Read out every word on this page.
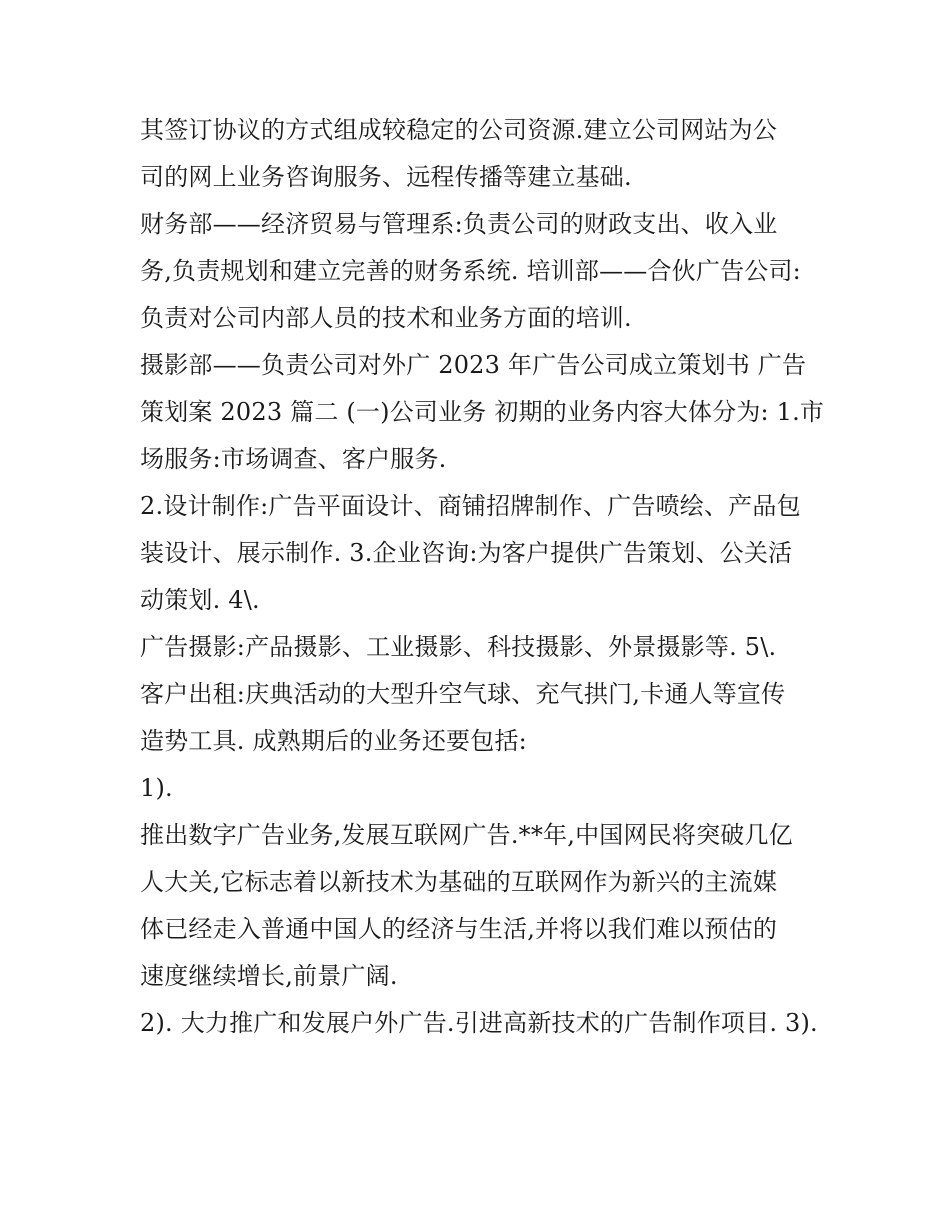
其签订协议的方式组成较稳定的公司资源.建立公司网站为公
司的网上业务咨询服务、远程传播等建立基础.
财务部——经济贸易与管理系:负责公司的财政支出、收入业
务,负责规划和建立完善的财务系统. 培训部——合伙广告公司:
负责对公司内部人员的技术和业务方面的培训.
摄影部——负责公司对外广 2023 年广告公司成立策划书 广告
策划案 2023 篇二 (一)公司业务 初期的业务内容大体分为: 1.市
场服务:市场调查、客户服务.
2.设计制作:广告平面设计、商铺招牌制作、广告喷绘、产品包
装设计、展示制作. 3.企业咨询:为客户提供广告策划、公关活
动策划. 4\.
广告摄影:产品摄影、工业摄影、科技摄影、外景摄影等. 5\.
客户出租:庆典活动的大型升空气球、充气拱门,卡通人等宣传
造势工具. 成熟期后的业务还要包括:
1).
推出数字广告业务,发展互联网广告.**年,中国网民将突破几亿
人大关,它标志着以新技术为基础的互联网作为新兴的主流媒
体已经走入普通中国人的经济与生活,并将以我们难以预估的
速度继续增长,前景广阔.
2). 大力推广和发展户外广告.引进高新技术的广告制作项目. 3).
